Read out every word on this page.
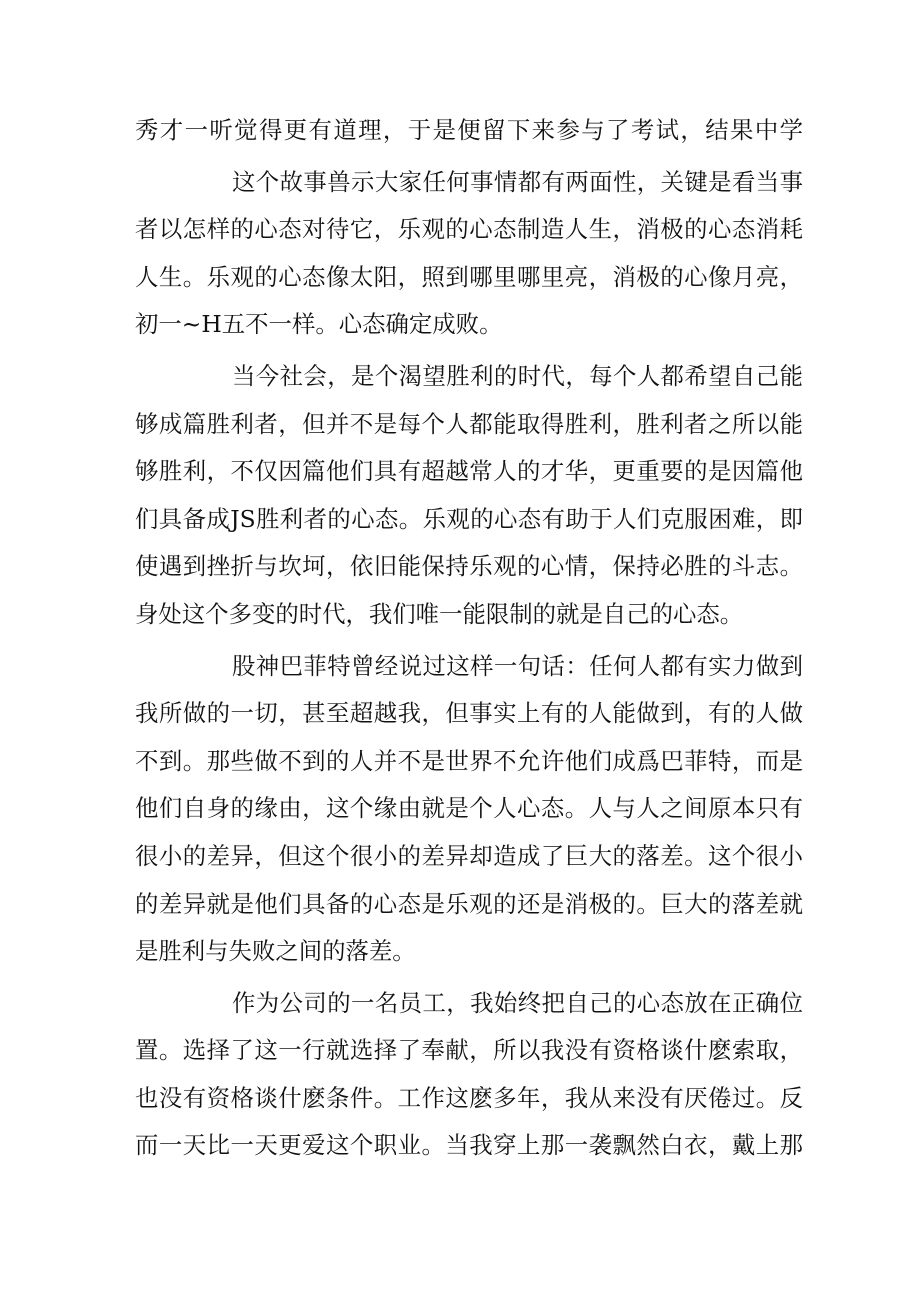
秀才一听觉得更有道理，于是便留下来参与了考试，结果中学
这个故事兽示大家任何事情都有两面性，关键是看当事
者以怎样的心态对待它，乐观的心态制造人生，消极的心态消耗
人生。乐观的心态像太阳，照到哪里哪里亮，消极的心像月亮，
初一~H五不一样。心态确定成败。
当今社会，是个渴望胜利的时代，每个人都希望自己能
够成篇胜利者，但并不是每个人都能取得胜利，胜利者之所以能
够胜利，不仅因篇他们具有超越常人的才华，更重要的是因篇他
们具备成JS胜利者的心态。乐观的心态有助于人们克服困难，即
使遇到挫折与坎坷，依旧能保持乐观的心情，保持必胜的斗志。
身处这个多变的时代，我们唯一能限制的就是自己的心态。
股神巴菲特曾经说过这样一句话：任何人都有实力做到
我所做的一切，甚至超越我，但事实上有的人能做到，有的人做
不到。那些做不到的人并不是世界不允许他们成爲巴菲特，而是
他们自身的缘由，这个缘由就是个人心态。人与人之间原本只有
很小的差异，但这个很小的差异却造成了巨大的落差。这个很小
的差异就是他们具备的心态是乐观的还是消极的。巨大的落差就
是胜利与失败之间的落差。
作为公司的一名员工，我始终把自己的心态放在正确位
置。选择了这一行就选择了奉献，所以我没有资格谈什麽索取，
也没有资格谈什麽条件。工作这麽多年，我从来没有厌倦过。反
而一天比一天更爱这个职业。当我穿上那一袭飘然白衣，戴上那
